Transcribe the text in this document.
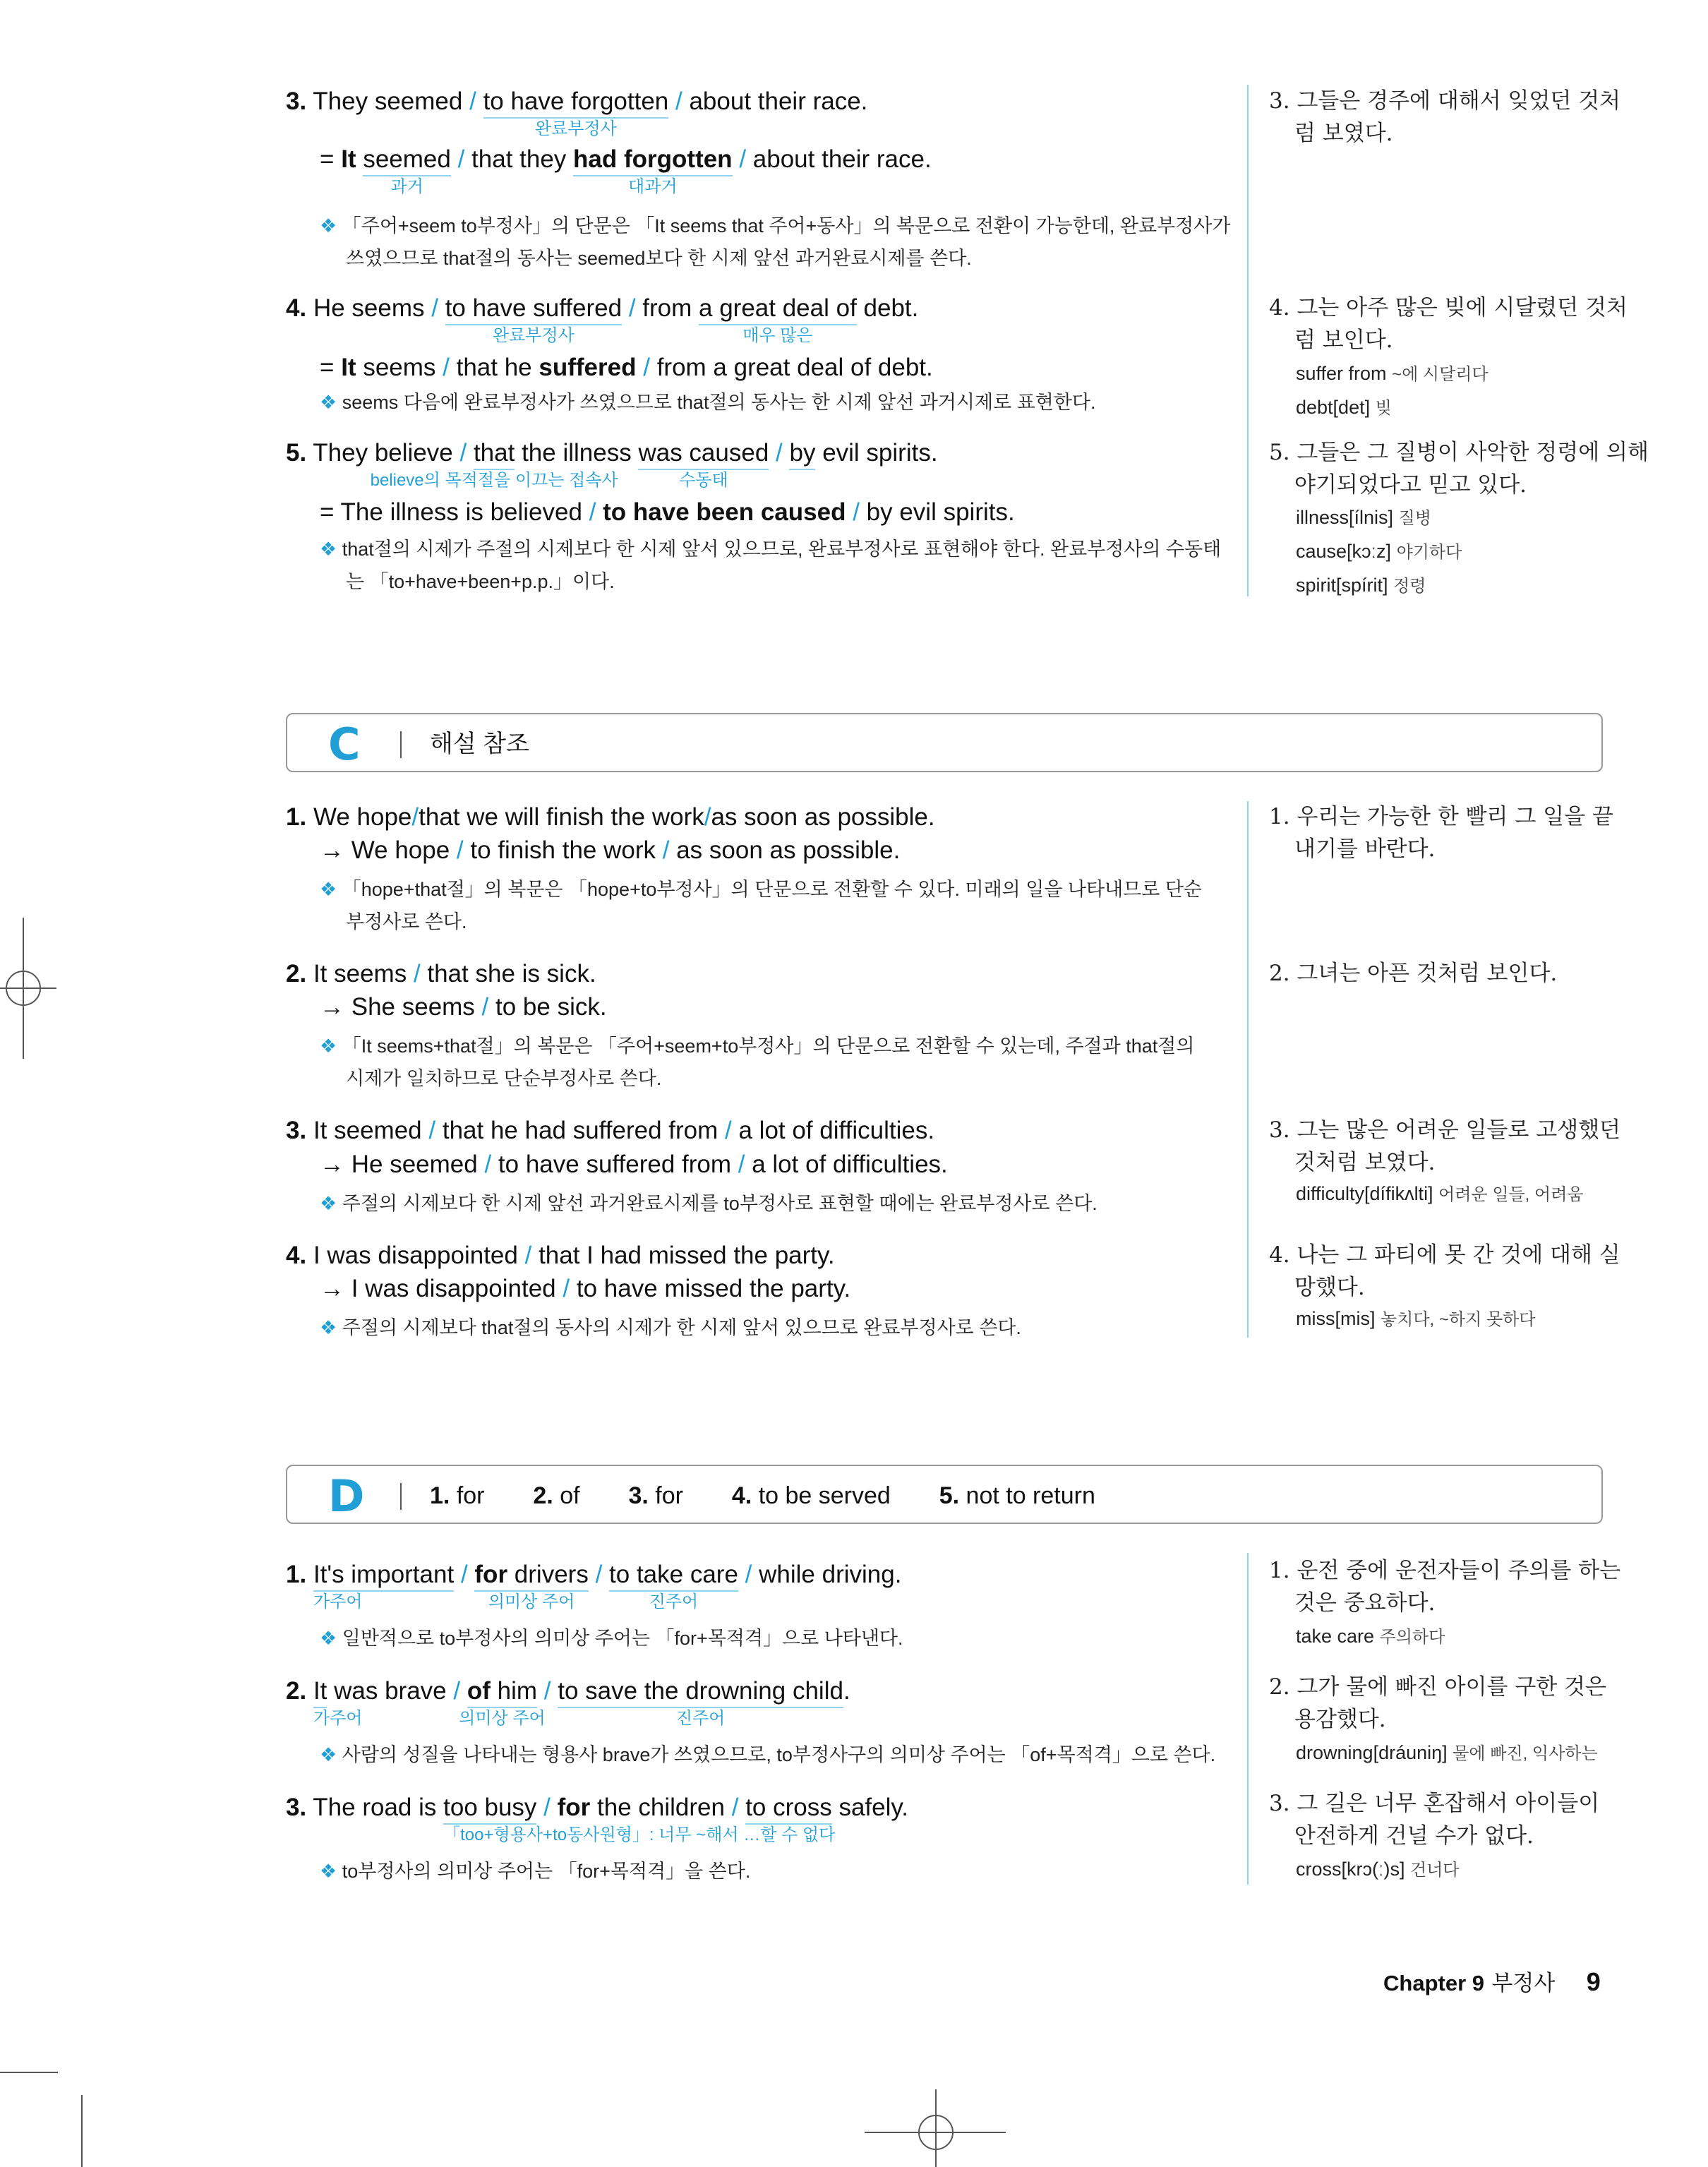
3. They seemed / to have forgotten
완료부정사
/ about their race.
= It seemed
과거
/ that they had forgotten
대과거
/ about their race.
❖ 「주어+seem to부정사」의 단문은 「It seems that 주어+동사」의 복문으로 전환이 가능한데, 완료부정사가
쓰였으므로 that절의 동사는 seemed보다 한 시제 앞선 과거완료시제를 쓴다.
3. 그들은 경주에 대해서 잊었던 것처
럼 보였다.
4. He seems / to have suffered
완료부정사
/ from a great deal of
매우 많은
debt.
= It seems / that he suffered / from a great deal of debt.
❖ seems 다음에 완료부정사가 쓰였으므로 that절의 동사는 한 시제 앞선 과거시제로 표현한다.
4. 그는 아주 많은 빚에 시달렸던 것처
럼 보인다.
suffer from ~에 시달리다
debt[det] 빚
5. They believe / that
believe의 목적절을 이끄는 접속사
the illness was caused
수동태
/ by evil spirits.
= The illness is believed / to have been caused / by evil spirits.
❖ that절의 시제가 주절의 시제보다 한 시제 앞서 있으므로, 완료부정사로 표현해야 한다. 완료부정사의 수동태
는 「to+have+been+p.p.」이다.
5. 그들은 그 질병이 사악한 정령에 의해
야기되었다고 믿고 있다.
illness[ílnis] 질병
cause[kɔːz] 야기하다
spirit[spírit] 정령
C	해설 참조
1. We hope/that we will finish the work/as soon as possible.
→ We hope / to finish the work / as soon as possible.
❖ 「hope+that절」의 복문은 「hope+to부정사」의 단문으로 전환할 수 있다. 미래의 일을 나타내므로 단순
부정사로 쓴다.
1. 우리는 가능한 한 빨리 그 일을 끝
내기를 바란다.
2. It seems / that she is sick.
→ She seems / to be sick.
❖ 「It seems+that절」의 복문은 「주어+seem+to부정사」의 단문으로 전환할 수 있는데, 주절과 that절의
시제가 일치하므로 단순부정사로 쓴다.
2. 그녀는 아픈 것처럼 보인다.
3. It seemed / that he had suffered from / a lot of difficulties.
→ He seemed / to have suffered from / a lot of difficulties.
❖ 주절의 시제보다 한 시제 앞선 과거완료시제를 to부정사로 표현할 때에는 완료부정사로 쓴다.
3. 그는 많은 어려운 일들로 고생했던
것처럼 보였다.
difficulty[dífikʌlti] 어려운 일들, 어려움
4. I was disappointed / that I had missed the party.
→ I was disappointed / to have missed the party.
❖ 주절의 시제보다 that절의 동사의 시제가 한 시제 앞서 있으므로 완료부정사로 쓴다.
4. 나는 그 파티에 못 간 것에 대해 실
망했다.
miss[mis] 놓치다, ~하지 못하다
D	1. for 2. of 3. for 4. to be served 5. not to return
1. It's important
가주어
/ for drivers
의미상 주어
/ to take care
진주어
/ while driving.
❖ 일반적으로 to부정사의 의미상 주어는 「for+목적격」으로 나타낸다.
1. 운전 중에 운전자들이 주의를 하는
것은 중요하다.
take care 주의하다
2. It
가주어
was brave / of him
의미상 주어
/ to save the drowning child
진주어
.
❖ 사람의 성질을 나타내는 형용사 brave가 쓰였으므로, to부정사구의 의미상 주어는 「of+목적격」으로 쓴다.
2. 그가 물에 빠진 아이를 구한 것은
용감했다.
drowning[dráuniŋ] 물에 빠진, 익사하는
3. The road is too busy
「too+형용사+to동사원형」: 너무 ~해서 …할 수 없다
/ for the children / to cross safely.
❖ to부정사의 의미상 주어는 「for+목적격」을 쓴다.
3. 그 길은 너무 혼잡해서 아이들이
안전하게 건널 수가 없다.
cross[krɔ(ː)s] 건너다
Chapter 9 부정사 9
